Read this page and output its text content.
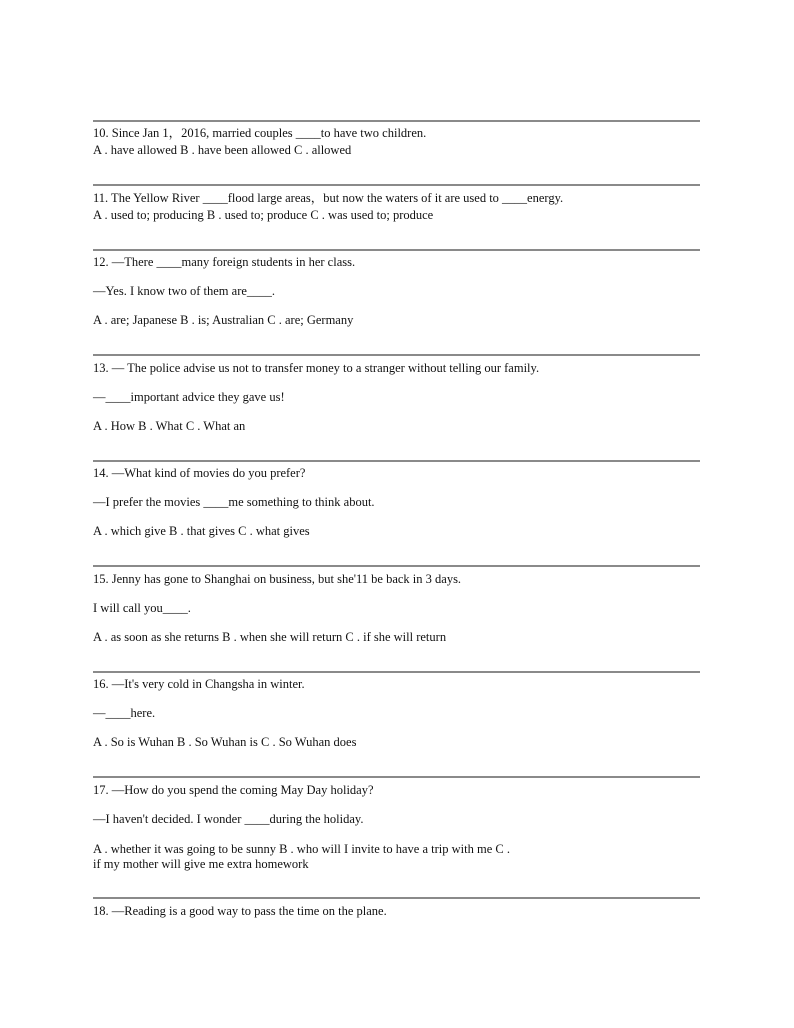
10. Since Jan 1，2016, married couples ____to have two children.
A . have allowed B . have been allowed C . allowed
11. The Yellow River ____flood large areas，but now the waters of it are used to ____energy.
A . used to; producing B . used to; produce C . was used to; produce
12. —There ____many foreign students in her class.
—Yes. I know two of them are____.
A . are; Japanese B . is; Australian C . are; Germany
13. — The police advise us not to transfer money to a stranger without telling our family.
—____important advice they gave us!
A . How B . What C . What an
14. —What kind of movies do you prefer?
—I prefer the movies ____me something to think about.
A . which give B . that gives C . what gives
15. Jenny has gone to Shanghai on business, but she'11 be back in 3 days.
I will call you____.
A . as soon as she returns B . when she will return C . if she will return
16. —It's very cold in Changsha in winter.
—____here.
A . So is Wuhan B . So Wuhan is C . So Wuhan does
17. —How do you spend the coming May Day holiday?
—I haven't decided. I wonder ____during the holiday.
A . whether it was going to be sunny B . who will I invite to have a trip with me C .
if my mother will give me extra homework
18. —Reading is a good way to pass the time on the plane.
